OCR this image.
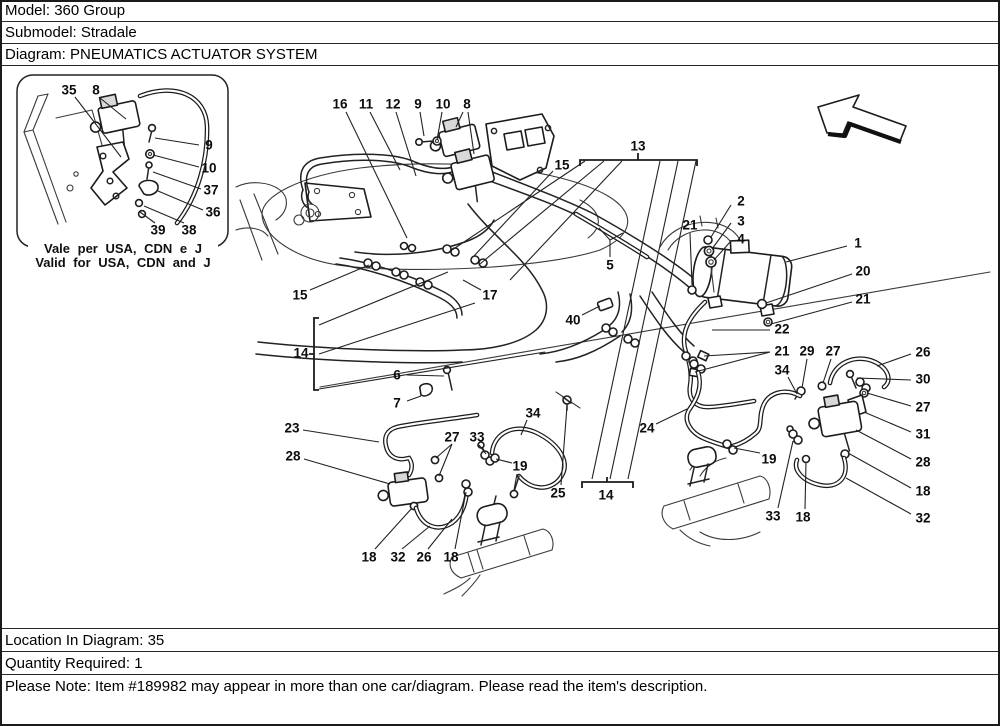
Model: 360 Group
Submodel: Stradale
Diagram: PNEUMATICS ACTUATOR SYSTEM
Vale per USA, CDN e J
Valid for USA, CDN and J
35 8
9
10
37
36
39 38
16 11 12 9 10 8
15
13
2
3
4
21
1
20
21
5
40
22
21 29 27	26
34
30
27
31
28
18
32
19
33 18
15	17
14
6
7
23
28
27 33
19
34
25
24
14
18 32 26 18
Location In Diagram: 35
Quantity Required: 1
Please Note: Item #189982 may appear in more than one car/diagram. Please read the item's description.
